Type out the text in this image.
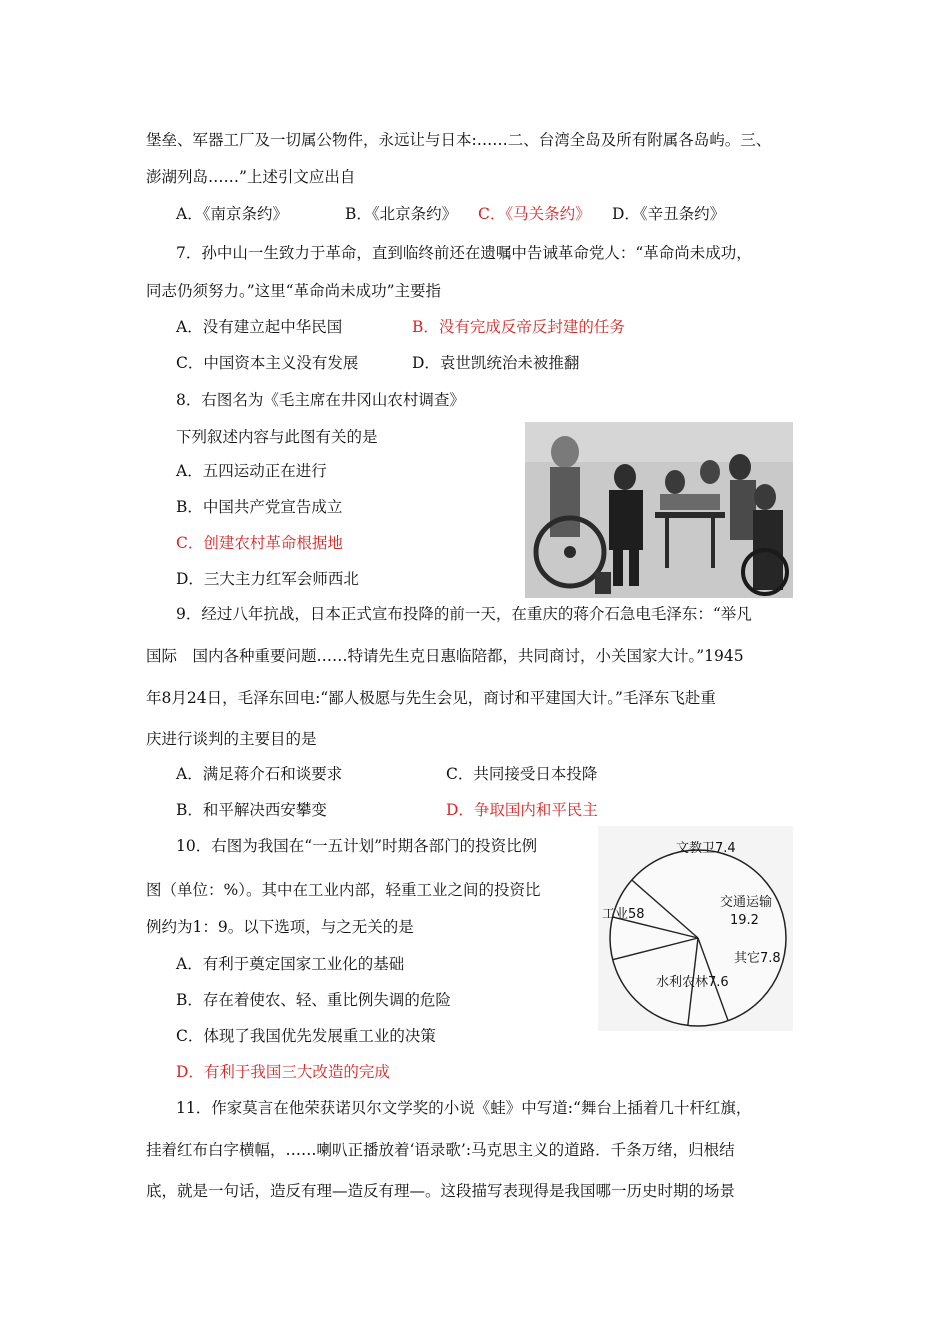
堡垒、军器工厂及一切属公物件，永远让与日本:……二、台湾全岛及所有附属各岛屿。三、
澎湖列岛……”上述引文应出自
A．《南京条约》	B．《北京条约》 C．《马关条约》 D．《辛丑条约》
7．孙中山一生致力于革命，直到临终前还在遗嘱中告诫革命党人：“革命尚未成功，
同志仍须努力。”这里“革命尚未成功”主要指
A．没有建立起中华民国	B．没有完成反帝反封建的任务
C．中国资本主义没有发展	D．袁世凯统治未被推翻
8．右图名为《毛主席在井冈山农村调查》
下列叙述内容与此图有关的是
A．五四运动正在进行
B．中国共产党宣告成立
C．创建农村革命根据地
D．三大主力红军会师西北
9．经过八年抗战，日本正式宣布投降的前一天，在重庆的蒋介石急电毛泽东：“举凡
国际　国内各种重要问题……特请先生克日惠临陪都，共同商讨，小关国家大计。”1945
年8月24日，毛泽东回电:“鄙人极愿与先生会见，商讨和平建国大计。”毛泽东飞赴重
庆进行谈判的主要目的是
A．满足蒋介石和谈要求	C．共同接受日本投降
B．和平解决西安攀变	D．争取国内和平民主
10．右图为我国在“一五计划”时期各部门的投资比例
图（单位：%）。其中在工业内部，轻重工业之间的投资比
例约为1：9。以下选项，与之无关的是
A．有利于奠定国家工业化的基础
B．存在着使农、轻、重比例失调的危险
C．体现了我国优先发展重工业的决策
D．有利于我国三大改造的完成
工业58
文教卫7.4
交通运输
19.2
其它7.8
水利农林7.6
11．作家莫言在他荣获诺贝尔文学奖的小说《蛙》中写道:“舞台上插着几十杆红旗，
挂着红布白字横幅，……喇叭正播放着‘语录歌’:马克思主义的道路．千条万绪，归根结
底，就是一句话，造反有理—造反有理—。这段描写表现得是我国哪一历史时期的场景
